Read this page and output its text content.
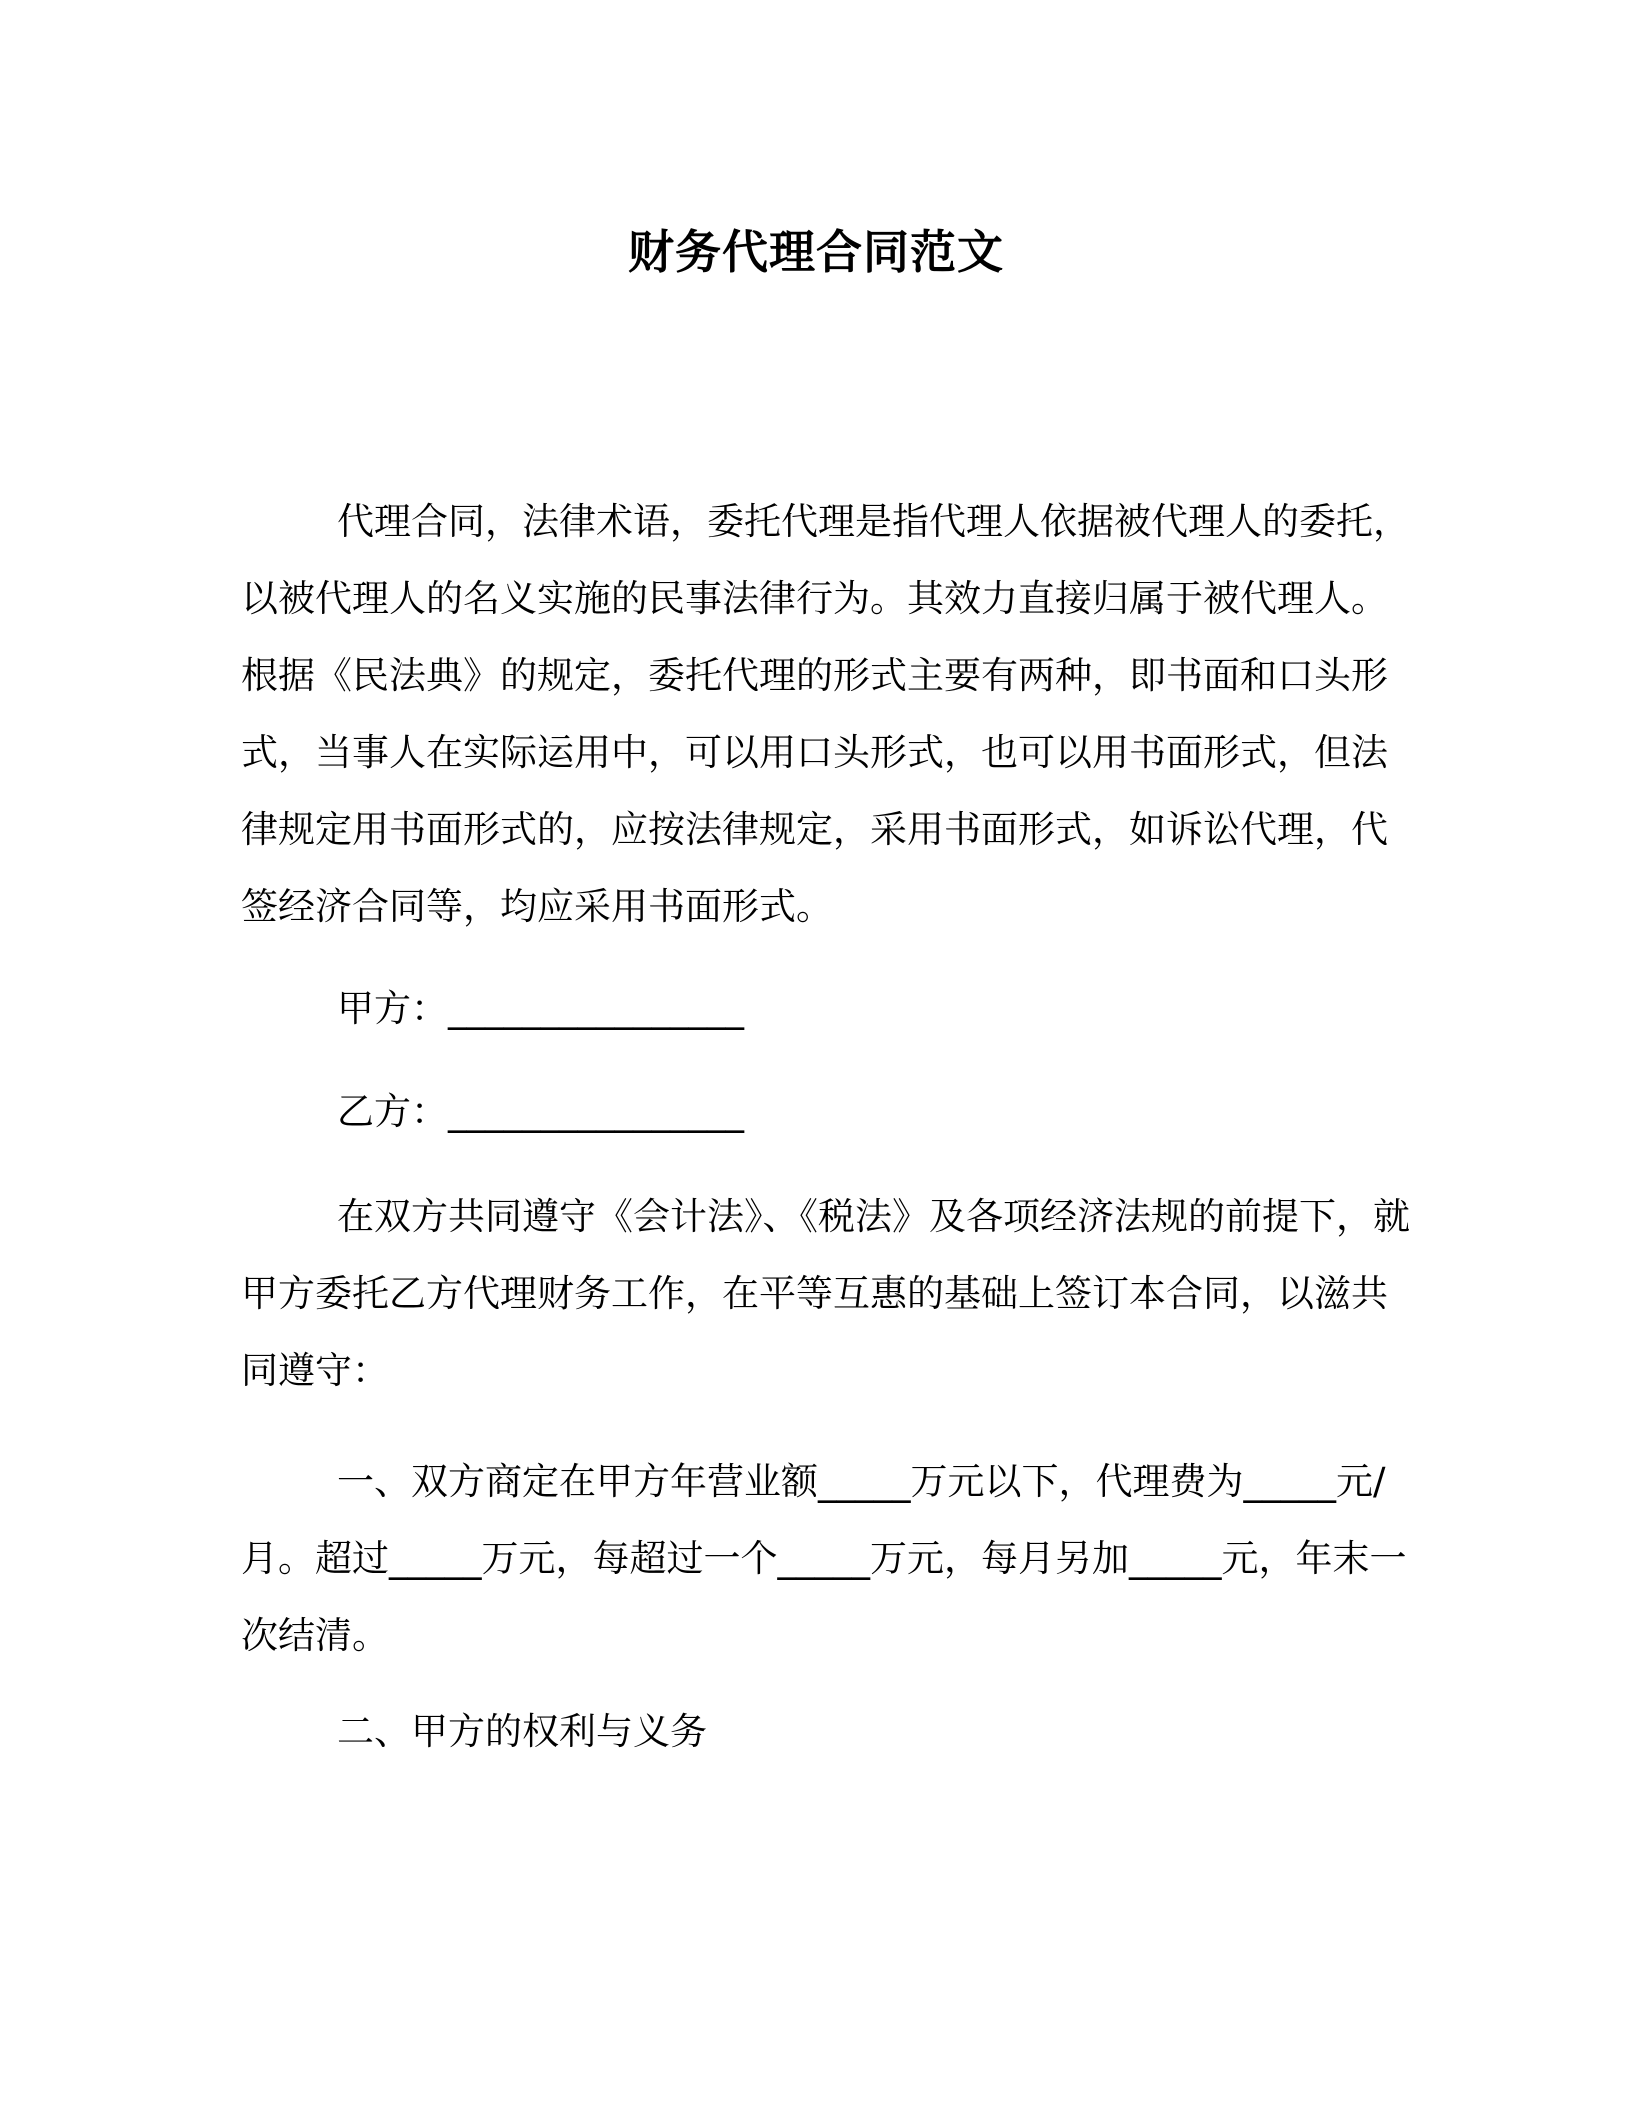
财务代理合同范文

代理合同，法律术语，委托代理是指代理人依据被代理人的委托，以被代理人的名义实施的民事法律行为。其效力直接归属于被代理人。根据《民法典》的规定，委托代理的形式主要有两种，即书面和口头形式，当事人在实际运用中，可以用口头形式，也可以用书面形式，但法律规定用书面形式的，应按法律规定，采用书面形式，如诉讼代理，代签经济合同等，均应采用书面形式。

甲方：________________
乙方：________________

在双方共同遵守《会计法》、《税法》及各项经济法规的前提下，就甲方委托乙方代理财务工作，在平等互惠的基础上签订本合同，以滋共同遵守：

一、双方商定在甲方年营业额_____万元以下，代理费为_____元/月。超过_____万元，每超过一个_____万元，每月另加_____元，年末一次结清。

二、甲方的权利与义务
